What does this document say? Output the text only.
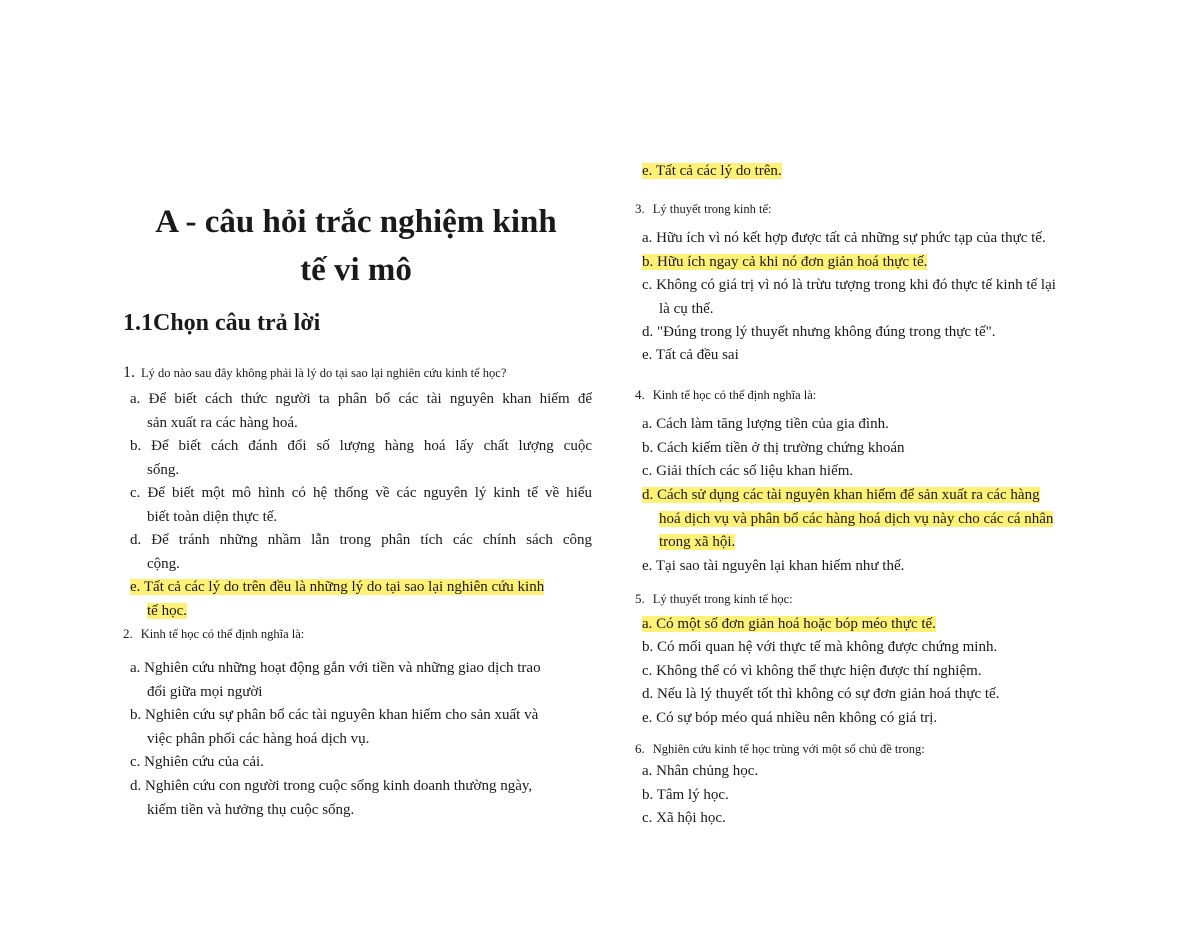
A - câu hỏi trắc nghiệm kinh
tế vi mô
1.1Chọn câu trả lời
1. Lý do nào sau đây không phải là lý do tại sao lại nghiên cứu kinh tế học?
a. Để biết cách thức người ta phân bổ các tài nguyên khan hiếm để
sản xuất ra các hàng hoá.
b. Để biết cách đánh đổi số lượng hàng hoá lấy chất lượng cuộc
sống.
c. Để biết một mô hình có hệ thống về các nguyên lý kinh tế về hiểu
biết toàn diện thực tế.
d. Để tránh những nhầm lẫn trong phân tích các chính sách công
cộng.
e. Tất cả các lý do trên đều là những lý do tại sao lại nghiên cứu kinh
tế học.
2. Kinh tế học có thể định nghĩa là:
a. Nghiên cứu những hoạt động gắn với tiền và những giao dịch trao
đổi giữa mọi người
b. Nghiên cứu sự phân bổ các tài nguyên khan hiếm cho sản xuất và
việc phân phối các hàng hoá dịch vụ.
c. Nghiên cứu của cải.
d. Nghiên cứu con người trong cuộc sống kinh doanh thường ngày,
kiếm tiền và hưởng thụ cuộc sống.
e. Tất cả các lý do trên.
3. Lý thuyết trong kinh tế:
a. Hữu ích vì nó kết hợp được tất cả những sự phức tạp của thực tế.
b. Hữu ích ngay cả khi nó đơn giản hoá thực tế.
c. Không có giá trị vì nó là trừu tượng trong khi đó thực tế kinh tế lại
là cụ thể.
d. "Đúng trong lý thuyết nhưng không đúng trong thực tế".
e. Tất cả đều sai
4. Kinh tế học có thể định nghĩa là:
a. Cách làm tăng lượng tiền của gia đình.
b. Cách kiếm tiền ở thị trường chứng khoán
c. Giải thích các số liệu khan hiếm.
d. Cách sử dụng các tài nguyên khan hiếm để sản xuất ra các hàng
hoá dịch vụ và phân bổ các hàng hoá dịch vụ này cho các cá nhân
trong xã hội.
e. Tại sao tài nguyên lại khan hiếm như thế.
5. Lý thuyết trong kinh tế học:
a. Có một số đơn giản hoá hoặc bóp méo thực tế.
b. Có mối quan hệ với thực tế mà không được chứng minh.
c. Không thể có vì không thể thực hiện được thí nghiệm.
d. Nếu là lý thuyết tốt thì không có sự đơn giản hoá thực tế.
e. Có sự bóp méo quá nhiều nên không có giá trị.
6. Nghiên cứu kinh tế học trùng với một số chủ đề trong:
a. Nhân chủng học.
b. Tâm lý học.
c. Xã hội học.
